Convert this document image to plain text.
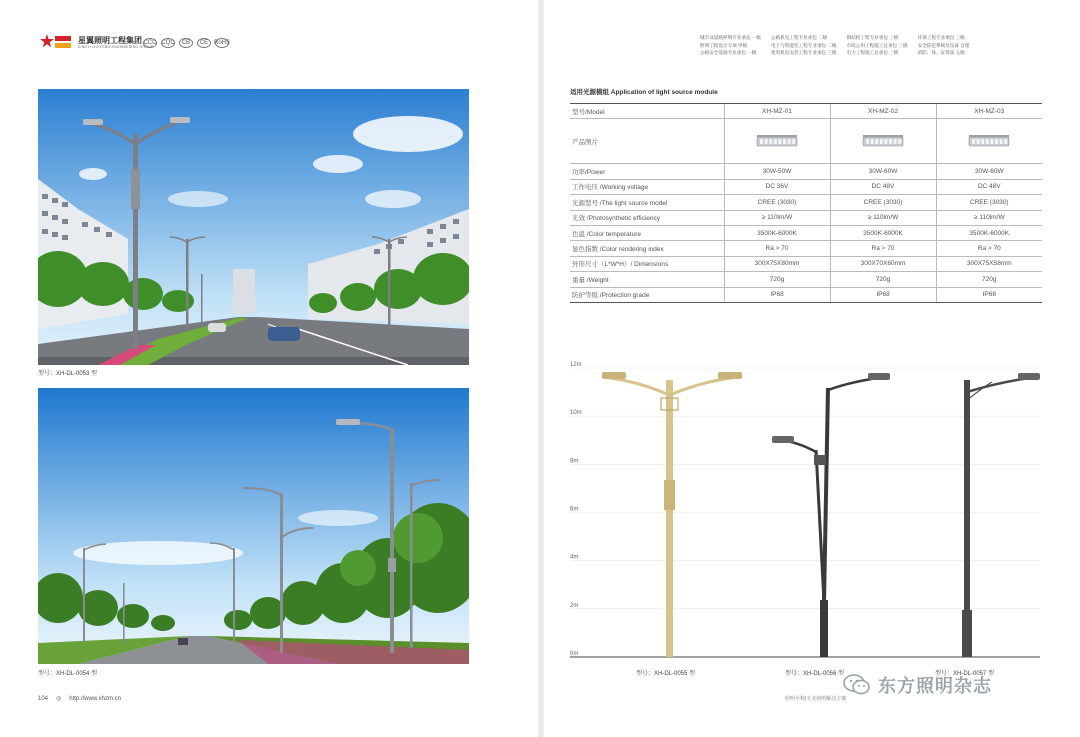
星翼照明工程集团
XINGYI LIGHTING ENGINEERING GROUP
CCC CQC	CB	CE RoHS
城市及道路照明专业承包 一级
照明工程设计专项 甲级
公路安全设施专业承包 一级
公路机电工程专业承包 二级
电子与智能化工程专业承包 二级
建筑机电安装工程专业承包 三级
钢结构工程专业承包 三级
市政公用工程施工总承包 三级
电力工程施工总承包 三级
环保工程专业承包 三级
安全防范系统及设备 自建
消防、体、证资质 五级
型号：XH-DL-0053 型
型号：XH-DL-0054 型
104 ◎ http://www.xhzm.cn	照明全称|专业照明解决方案
适用光源模组 Application of light source module
型号/Model	XH-MZ-01	XH-MZ-02	XH-MZ-03
产品图片	

功率/Power	30W-50W	30W-60W	30W-60W
工作电压 /Working voltage	DC 36V	DC 48V	DC 48V
光源型号 /The light source model	CREE (3030)	CREE (3030)	CREE (3030)
光效 /Photosynthetic efficiency	≥ 110lm/W	≥ 110lm/W	≥ 110lm/W
色温 /Color temperature	3500K-6000K	3500K-6000K	3500K-6000K
显色指数 /Color rendering index	Ra > 70	Ra > 70	Ra > 70
外形尺寸（L*W*H）/ Dimensions	300X75X80mm	300X70X60mm	300X75X58mm
重量 /Weight	720g	720g	720g
防护等级 /Protection grade	IP68	IP68	IP68
12m
10m
8m
6m
4m
2m
0m
型号：XH-DL-0055 型	型号：XH-DL-0056 型	型号：XH-DL-0057 型
东方照明杂志
